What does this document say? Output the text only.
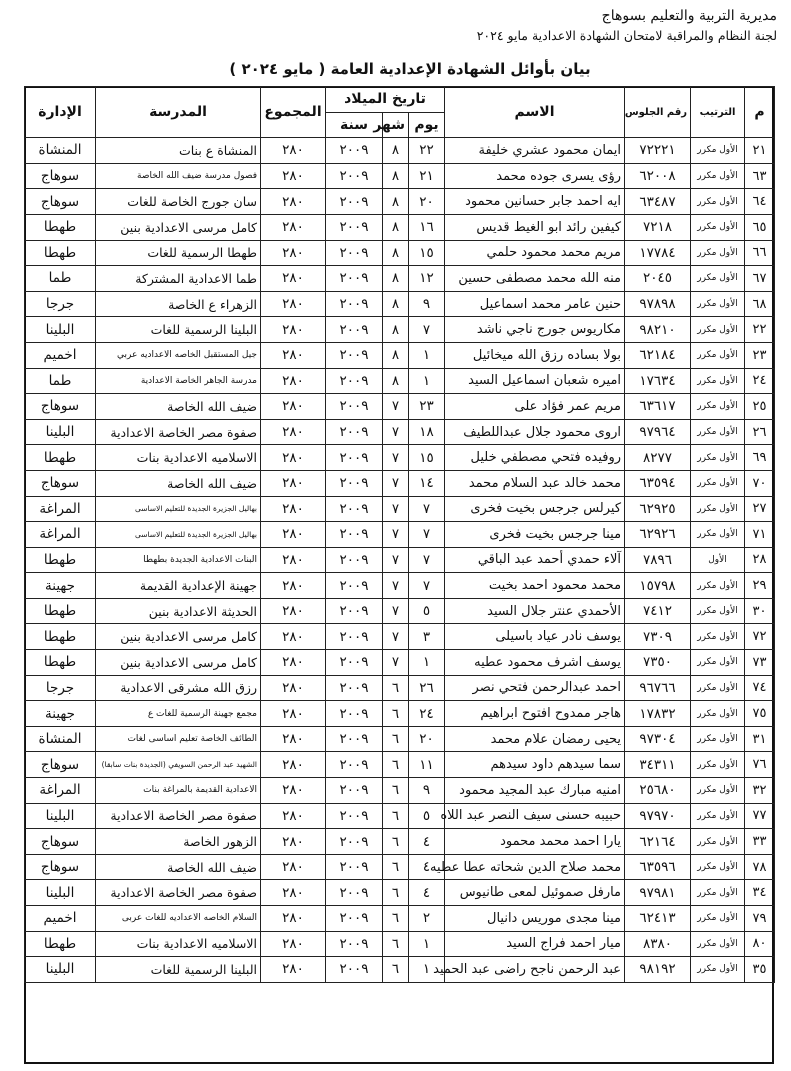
مديرية التربية والتعليم بسوهاج
لجنة النظام والمراقبة لامتحان الشهادة الاعدادية مايو ٢٠٢٤
بيان بأوائل الشهادة الإعدادية العامة ( مايو ٢٠٢٤ )
م	الترتيب	رقم الجلوس	الاسم	تاريخ الميلاد			المجموع	المدرسة	الإدارة
				يوم	شهر	سنة			
٢١	الأول مكرر	٧٢٢٢١	ايمان محمود عشري خليفة	٢٢	٨	٢٠٠٩	٢٨٠	المنشاة ع بنات	المنشاة
٦٣	الأول مكرر	٦٢٠٠٨	رؤى يسرى جوده محمد	٢١	٨	٢٠٠٩	٢٨٠	فصول مدرسة ضيف الله الخاصة	سوهاج
٦٤	الأول مكرر	٦٣٤٨٧	ايه احمد جابر حسانين محمود	٢٠	٨	٢٠٠٩	٢٨٠	سان جورج الخاصة للغات	سوهاج
٦٥	الأول مكرر	٧٢١٨	كيفين رائد ابو الغيط قديس	١٦	٨	٢٠٠٩	٢٨٠	كامل مرسى الاعدادية بنين	طهطا
٦٦	الأول مكرر	١٧٧٨٤	مريم محمد محمود حلمي	١٥	٨	٢٠٠٩	٢٨٠	طهطا الرسمية للغات	طهطا
٦٧	الأول مكرر	٢٠٤٥	منه الله محمد مصطفى حسين	١٢	٨	٢٠٠٩	٢٨٠	طما الاعدادية المشتركة	طما
٦٨	الأول مكرر	٩٧٨٩٨	حنين عامر محمد اسماعيل	٩	٨	٢٠٠٩	٢٨٠	الزهراء ع الخاصة	جرجا
٢٢	الأول مكرر	٩٨٢١٠	مكاريوس جورج ناجي ناشد	٧	٨	٢٠٠٩	٢٨٠	البلينا الرسمية للغات	البلينا
٢٣	الأول مكرر	٦٢١٨٤	بولا بساده رزق الله ميخائيل	١	٨	٢٠٠٩	٢٨٠	جيل المستقبل الخاصه الاعداديه عربي	اخميم
٢٤	الأول مكرر	١٧٦٣٤	اميره شعبان اسماعيل السيد	١	٨	٢٠٠٩	٢٨٠	مدرسة الجاهر الخاصة الاعدادية	طما
٢٥	الأول مكرر	٦٣٦١٧	مريم عمر فؤاد على	٢٣	٧	٢٠٠٩	٢٨٠	ضيف الله الخاصة	سوهاج
٢٦	الأول مكرر	٩٧٩٦٤	اروى محمود جلال عبداللطيف	١٨	٧	٢٠٠٩	٢٨٠	صفوة مصر الخاصة الاعدادية	البلينا
٦٩	الأول مكرر	٨٢٧٧	روفيده فتحي مصطفي خليل	١٥	٧	٢٠٠٩	٢٨٠	الاسلاميه الاعدادية بنات	طهطا
٧٠	الأول مكرر	٦٣٥٩٤	محمد خالد عبد السلام محمد	١٤	٧	٢٠٠٩	٢٨٠	ضيف الله الخاصة	سوهاج
٢٧	الأول مكرر	٦٢٩٢٥	كيرلس جرجس بخيت فخرى	٧	٧	٢٠٠٩	٢٨٠	بهاليل الجزيرة الجديدة للتعليم الاساسى	المراغة
٧١	الأول مكرر	٦٢٩٢٦	مينا جرجس بخيت فخرى	٧	٧	٢٠٠٩	٢٨٠	بهاليل الجزيرة الجديدة للتعليم الاساسى	المراغة
٢٨	الأول	٧٨٩٦	آلاء حمدي أحمد عبد الباقي	٧	٧	٢٠٠٩	٢٨٠	البنات الاعدادية الجديدة بطهطا	طهطا
٢٩	الأول مكرر	١٥٧٩٨	محمد محمود احمد بخيت	٧	٧	٢٠٠٩	٢٨٠	جهينة الإعدادية القديمة	جهينة
٣٠	الأول مكرر	٧٤١٢	الأحمدي عنتر جلال السيد	٥	٧	٢٠٠٩	٢٨٠	الحديثة الاعدادية بنين	طهطا
٧٢	الأول مكرر	٧٣٠٩	يوسف نادر عياد باسيلى	٣	٧	٢٠٠٩	٢٨٠	كامل مرسى الاعدادية بنين	طهطا
٧٣	الأول مكرر	٧٣٥٠	يوسف اشرف محمود عطيه	١	٧	٢٠٠٩	٢٨٠	كامل مرسى الاعدادية بنين	طهطا
٧٤	الأول مكرر	٩٦٧٦٦	احمد عبدالرحمن فتحي نصر	٢٦	٦	٢٠٠٩	٢٨٠	رزق الله مشرقى الاعدادية	جرجا
٧٥	الأول مكرر	١٧٨٣٢	هاجر ممدوح افتوح ابراهيم	٢٤	٦	٢٠٠٩	٢٨٠	مجمع جهينة الرسمية للغات ع	جهينة
٣١	الأول مكرر	٩٧٣٠٤	يحيى رمضان علام محمد	٢٠	٦	٢٠٠٩	٢٨٠	الطائف الخاصة تعليم اساسى لغات	المنشاة
٧٦	الأول مكرر	٣٤٣١١	سما سيدهم داود سيدهم	١١	٦	٢٠٠٩	٢٨٠	الشهيد عبد الرحمن السويفي (الجديدة بنات سابقا)	سوهاج
٣٢	الأول مكرر	٢٥٦٨٠	امنيه مبارك عبد المجيد محمود	٩	٦	٢٠٠٩	٢٨٠	الاعدادية القديمة بالمراغة بنات	المراغة
٧٧	الأول مكرر	٩٧٩٧٠	حبيبه حسنى سيف النصر عبد اللاه	٥	٦	٢٠٠٩	٢٨٠	صفوة مصر الخاصة الاعدادية	البلينا
٣٣	الأول مكرر	٦٢١٦٤	يارا احمد محمد محمود	٤	٦	٢٠٠٩	٢٨٠	الزهور الخاصة	سوهاج
٧٨	الأول مكرر	٦٣٥٩٦	محمد صلاح الدين شحاته عطا عطيه	٤	٦	٢٠٠٩	٢٨٠	ضيف الله الخاصة	سوهاج
٣٤	الأول مكرر	٩٧٩٨١	مارفل صموئيل لمعى طانيوس	٤	٦	٢٠٠٩	٢٨٠	صفوة مصر الخاصة الاعدادية	البلينا
٧٩	الأول مكرر	٦٢٤١٣	مينا مجدى موريس دانيال	٢	٦	٢٠٠٩	٢٨٠	السلام الخاصه الاعداديه للغات عربى	اخميم
٨٠	الأول مكرر	٨٣٨٠	ميار احمد فراج السيد	١	٦	٢٠٠٩	٢٨٠	الاسلاميه الاعدادية بنات	طهطا
٣٥	الأول مكرر	٩٨١٩٢	عبد الرحمن ناجح راضى عبد الحميد	١	٦	٢٠٠٩	٢٨٠	البلينا الرسمية للغات	البلينا
